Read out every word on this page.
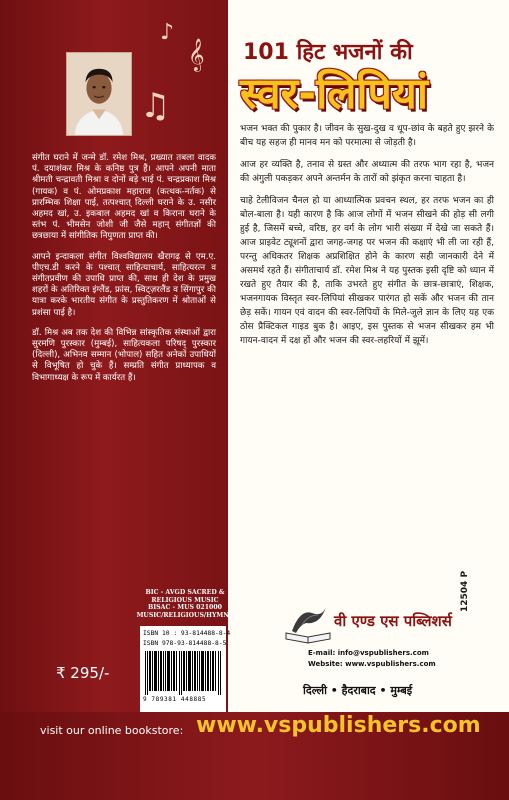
♪
𝄞
♫

संगीत घराने में जन्मे डॉ. रमेश मिश्र, प्रख्यात तबला वादक पं. दयाशंकर मिश्र के कनिष्ठ पुत्र हैं। आपने अपनी माता श्रीमती चन्द्रावती मिश्रा व दोनों बड़े भाई पं. चन्द्रप्रकाश मिश्र (गायक) व पं. ओमप्रकाश महाराज (कत्थक-नर्तक) से प्रारम्भिक शिक्षा पाई, तत्पश्चात् दिल्ली घराने के उ. नसीर अहमद खां, उ. इकबाल अहमद खां व किराना घराने के स्तंभ पं. भीमसेन जोशी जी जैसे महान् संगीतज्ञों की छत्रछाया में सांगीतिक निपुणता प्राप्त की।

आपने इन्दाकला संगीत विश्वविद्यालय खैरागढ़ से एम.ए. पीएच.डी करने के पश्चात् साहित्याचार्य, साहित्यरत्न व संगीतप्रवीण की उपाधि प्राप्त की, साथ ही देश के प्रमुख शहरों के अतिरिक्त इंग्लैंड, फ्रांस, स्विट्ज़रलैंड व सिंगापुर की यात्रा करके भारतीय संगीत के प्रस्तुतिकरण में श्रोताओं से प्रशंसा पाई है।

डॉ. मिश्र अब तक देश की विभिन्न सांस्कृतिक संस्थाओं द्वारा सुरमणि पुरस्कार (मुम्बई), साहित्यकला परिषद् पुरस्कार (दिल्ली), अभिनव सम्मान (भोपाल) सहित अनेकों उपाधियों से विभूषित हो चुके हैं। सम्प्रति संगीत प्राध्यापक व विभागाध्यक्ष के रूप में कार्यरत हैं।

BIC - AVGD SACRED &
RELIGIOUS MUSIC
BISAC - MUS 021000
MUSIC/RELIGIOUS/HYMNS
ISBN 10 : 93-814488-8-4
ISBN 978-93-814488-8-5
9 789381 448885
₹ 295/-
101 हिट भजनों की
स्वर-लिपियां

भजन भक्त की पुकार है। जीवन के सुख-दुख व धूप-छांव के बहते हुए झरने के बीच यह सहज ही मानव मन को परमात्मा से जोड़ती है।

आज हर व्यक्ति है, तनाव से ग्रस्त और अध्यात्म की तरफ भाग रहा है, भजन की अंगुली पकड़कर अपने अन्तर्मन के तारों को झंकृत करना चाहता है।

चाहे टेलीविजन चैनल हो या आध्यात्मिक प्रवचन स्थल, हर तरफ भजन का ही बोल-बाला है। यही कारण है कि आज लोगों में भजन सीखने की होड़ सी लगी हुई है, जिसमें बच्चे, वरिष्ठ, हर वर्ग के लोग भारी संख्या में देखे जा सकते हैं। आज प्राइवेट ट्यूशनों द्वारा जगह-जगह पर भजन की कक्षाएं भी ली जा रही हैं, परन्तु अधिकतर शिक्षक अप्रशिक्षित होने के कारण सही जानकारी देने में असमर्थ रहते हैं। संगीताचार्य डॉ. रमेश मिश्र ने यह पुस्तक इसी दृष्टि को ध्यान में रखते हुए तैयार की है, ताकि उभरते हुए संगीत के छात्र-छात्राएं, शिक्षक, भजनगायक विस्तृत स्वर-लिपियां सीखकर पारंगत हो सकें और भजन की तान छेड़ सकें। गायन एवं वादन की स्वर-लिपियों के मिले-जुले ज्ञान के लिए यह एक ठोस प्रैक्टिकल गाइड बुक है। आइए, इस पुस्तक से भजन सीखकर हम भी गायन-वादन में दक्ष हों और भजन की स्वर-लहरियों में झूमें।

12504 P
वी एण्ड एस पब्लिशर्स
E-mail: info@vspublishers.com
Website: www.vspublishers.com
दिल्ली • हैदराबाद • मुम्बई
visit our online bookstore: www.vspublishers.com
